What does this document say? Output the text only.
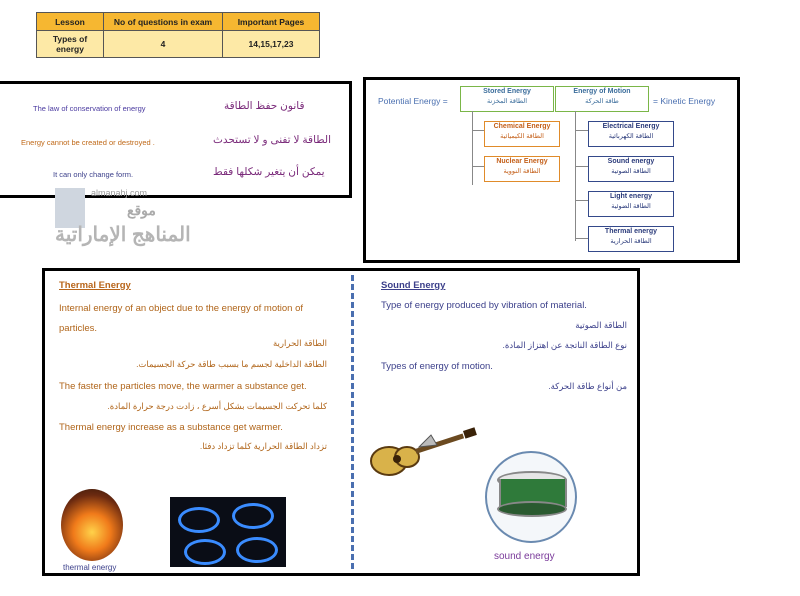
Lesson	No of questions in exam	Important Pages
Types of energy	4	14,15,17,23
The law of conservation of energy	قانون حفظ الطاقة
Energy cannot be created or destroyed .	الطاقة لا تفنى و لا تستحدث
It can only change form.	يمكن أن يتغير شكلها فقط
almanahj.com
موقع
المناهج الإماراتية
Potential Energy =	= Kinetic Energy
Stored Energy
الطاقة المخزنة
Energy of Motion
طاقة الحركة
Chemical Energy
الطاقة الكيميائية
Nuclear Energy
الطاقة النووية
Electrical Energy
الطاقة الكهربائية
Sound energy
الطاقة الصوتية
Light energy
الطاقة الضوئية
Thermal energy
الطاقة الحرارية
Thermal Energy
Internal energy of an object due to the energy of motion of particles.
الطاقة الحرارية
الطاقة الداخلية لجسم ما بسبب طاقة حركة الجسيمات.
The faster the particles move, the warmer a substance get.
كلما تحركت الجسيمات بشكل أسرع ، زادت درجة حرارة المادة.
Thermal energy increase as a substance get warmer.
تزداد الطاقة الحرارية كلما تزداد دفئا.
thermal energy
Sound Energy
Type of energy produced by vibration of material.
الطاقة الصوتية
نوع الطاقة الناتجة عن اهتزاز المادة.
Types of energy of motion.
من أنواع طاقة الحركة.
sound energy
